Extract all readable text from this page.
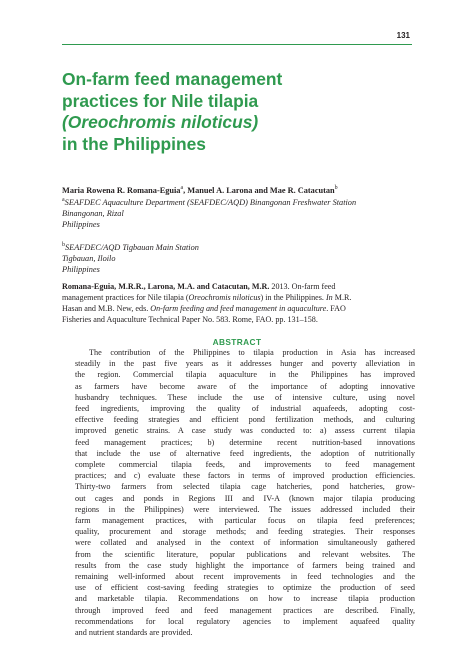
131
On-farm feed management
practices for Nile tilapia
(Oreochromis niloticus)
in the Philippines
Maria Rowena R. Romana-Eguia$^a$, Manuel A. Larona and Mae R. Catacutan$^b$
$^a$SEAFDEC Aquaculture Department (SEAFDEC/AQD) Binangonan Freshwater Station
Binangonan, Rizal
Philippines
$^b$SEAFDEC/AQD Tigbauan Main Station
Tigbauan, Iloilo
Philippines
Romana-Eguia, M.R.R., Larona, M.A. and Catacutan, M.R. 2013. On-farm feed
management practices for Nile tilapia (Oreochromis niloticus) in the Philippines. In M.R.
Hasan and M.B. New, eds. On-farm feeding and feed management in aquaculture. FAO
Fisheries and Aquaculture Technical Paper No. 583. Rome, FAO. pp. 131–158.
ABSTRACT
The contribution of the Philippines to tilapia production in Asia has increased
steadily in the past five years as it addresses hunger and poverty alleviation in
the region. Commercial tilapia aquaculture in the Philippines has improved
as farmers have become aware of the importance of adopting innovative
husbandry techniques. These include the use of intensive culture, using novel
feed ingredients, improving the quality of industrial aquafeeds, adopting cost-
effective feeding strategies and efficient pond fertilization methods, and culturing
improved genetic strains. A case study was conducted to: a) assess current tilapia
feed management practices; b) determine recent nutrition-based innovations
that include the use of alternative feed ingredients, the adoption of nutritionally
complete commercial tilapia feeds, and improvements to feed management
practices; and c) evaluate these factors in terms of improved production efficiencies.
Thirty-two farmers from selected tilapia cage hatcheries, pond hatcheries, grow-
out cages and ponds in Regions III and IV-A (known major tilapia producing
regions in the Philippines) were interviewed. The issues addressed included their
farm management practices, with particular focus on tilapia feed preferences;
quality, procurement and storage methods; and feeding strategies. Their responses
were collated and analysed in the context of information simultaneously gathered
from the scientific literature, popular publications and relevant websites. The
results from the case study highlight the importance of farmers being trained and
remaining well-informed about recent improvements in feed technologies and the
use of efficient cost-saving feeding strategies to optimize the production of seed
and marketable tilapia. Recommendations on how to increase tilapia production
through improved feed and feed management practices are described. Finally,
recommendations for local regulatory agencies to implement aquafeed quality
and nutrient standards are provided.
